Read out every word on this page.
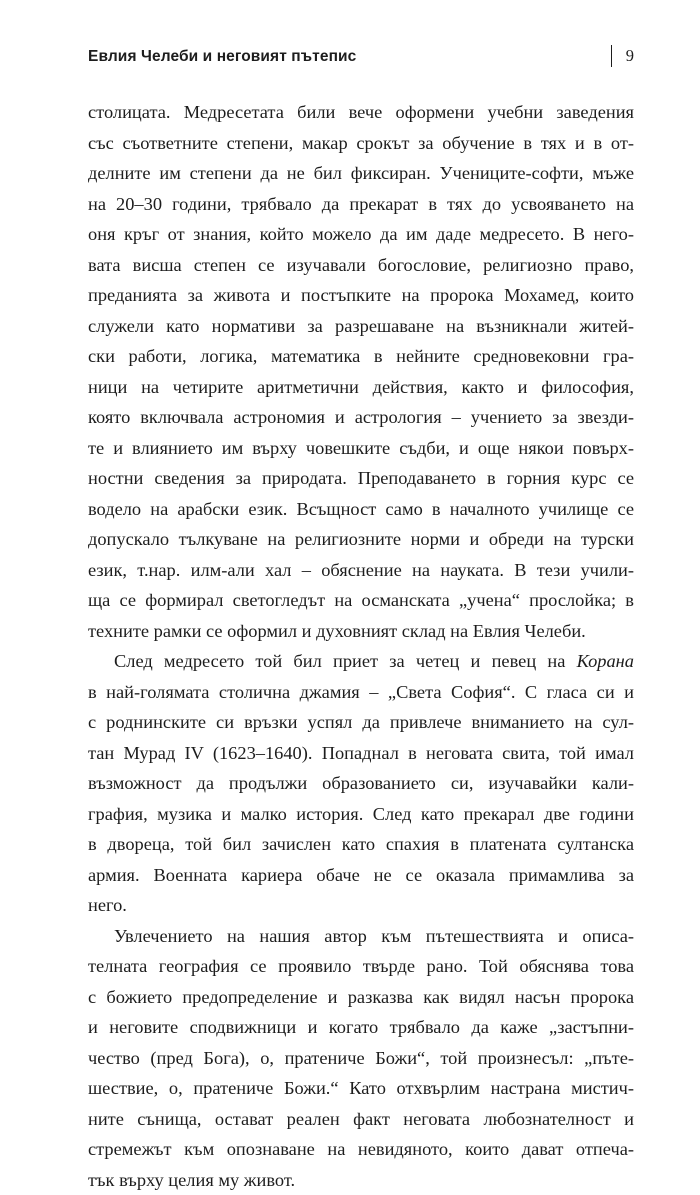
Евлия Челеби и неговият пътепис	9

столицата. Медресетата били вече оформени учебни заведения
със съответните степени, макар срокът за обучение в тях и в от-
делните им степени да не бил фиксиран. Учениците-софти, мъже
на 20–30 години, трябвало да прекарат в тях до усвояването на
оня кръг от знания, който можело да им даде медресето. В него-
вата висша степен се изучавали богословие, религиозно право,
преданията за живота и постъпките на пророка Мохамед, които
служели като нормативи за разрешаване на възникнали житей-
ски работи, логика, математика в нейните средновековни гра-
ници на четирите аритметични действия, както и философия,
която включвала астрономия и астрология – учението за звезди-
те и влиянието им върху човешките съдби, и още някои повърх-
ностни сведения за природата. Преподаването в горния курс се
водело на арабски език. Всъщност само в началното училище се
допускало тълкуване на религиозните норми и обреди на турски
език, т.нар. илм-али хал – обяснение на науката. В тези учили-
ща се формирал светогледът на османската „учена“ прослойка; в
техните рамки се оформил и духовният склад на Евлия Челеби.

След медресето той бил приет за четец и певец на Корана
в най-голямата столична джамия – „Света София“. С гласа си и
с роднинските си връзки успял да привлече вниманието на сул-
тан Мурад IV (1623–1640). Попаднал в неговата свита, той имал
възможност да продължи образованието си, изучавайки кали-
графия, музика и малко история. След като прекарал две години
в двореца, той бил зачислен като спахия в платената султанска
армия. Военната кариера обаче не се оказала примамлива за
него.

Увлечението на нашия автор към пътешествията и описа-
телната география се проявило твърде рано. Той обяснява това
с божието предопределение и разказва как видял насън пророка
и неговите сподвижници и когато трябвало да каже „застъпни-
чество (пред Бога), о, пратениче Божи“, той произнесъл: „пъте-
шествие, о, пратениче Божи.“ Като отхвърлим настрана мистич-
ните сънища, остават реален факт неговата любознателност и
стремежът към опознаване на невидяното, които дават отпеча-
тък върху целия му живот.
